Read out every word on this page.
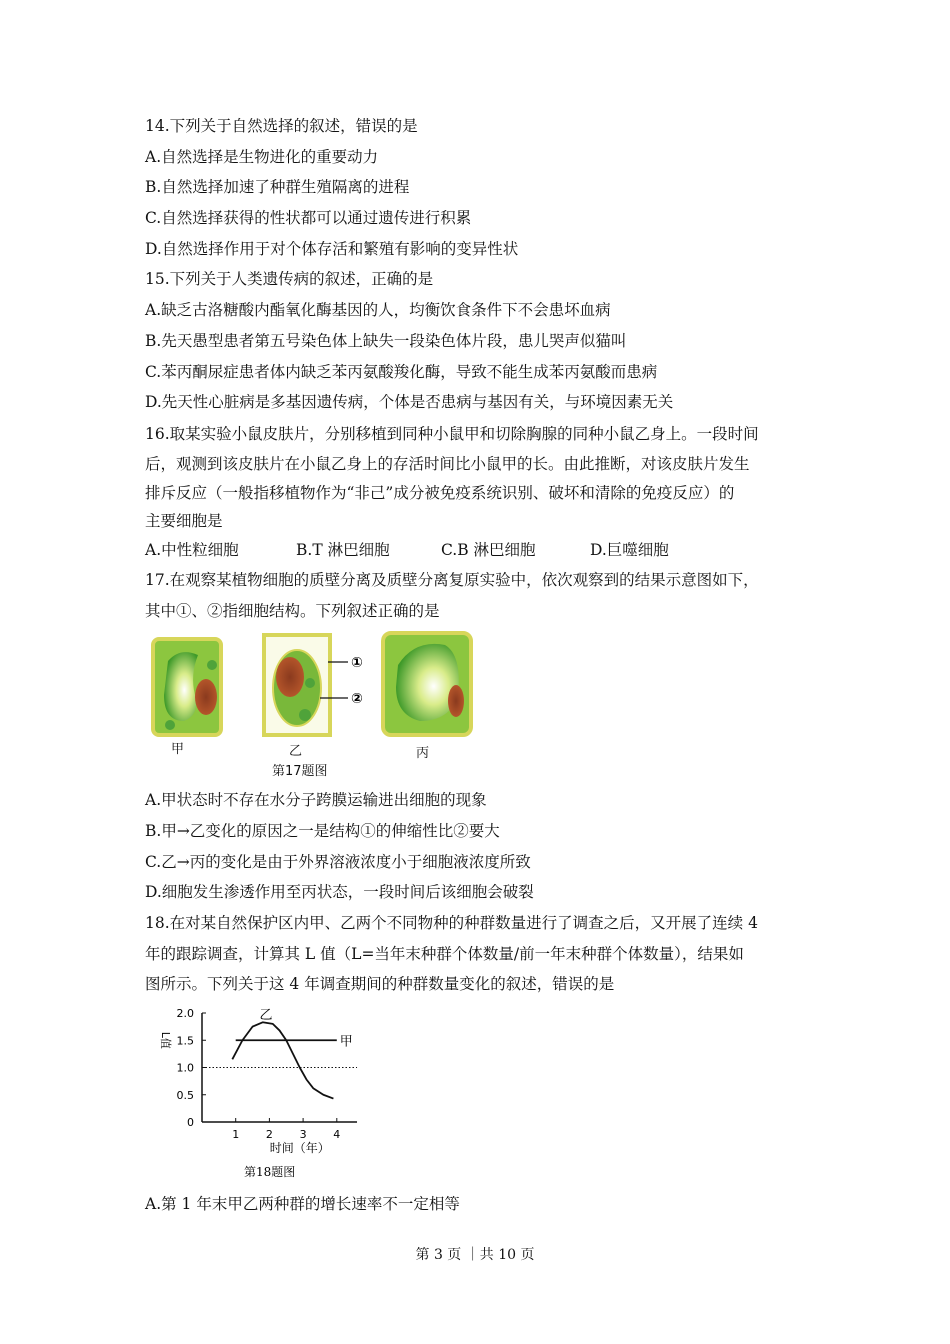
14.下列关于自然选择的叙述，错误的是
A.自然选择是生物进化的重要动力
B.自然选择加速了种群生殖隔离的进程
C.自然选择获得的性状都可以通过遗传进行积累
D.自然选择作用于对个体存活和繁殖有影响的变异性状
15.下列关于人类遗传病的叙述，正确的是
A.缺乏古洛糖酸内酯氧化酶基因的人，均衡饮食条件下不会患坏血病
B.先天愚型患者第五号染色体上缺失一段染色体片段，患儿哭声似猫叫
C.苯丙酮尿症患者体内缺乏苯丙氨酸羧化酶，导致不能生成苯丙氨酸而患病
D.先天性心脏病是多基因遗传病，个体是否患病与基因有关，与环境因素无关
16.取某实验小鼠皮肤片，分别移植到同种小鼠甲和切除胸腺的同种小鼠乙身上。一段时间
后，观测到该皮肤片在小鼠乙身上的存活时间比小鼠甲的长。由此推断，对该皮肤片发生
排斥反应（一般指移植物作为“非己”成分被免疫系统识别、破坏和清除的免疫反应）的
主要细胞是
A.中性粒细胞	B.T 淋巴细胞	C.B 淋巴细胞	D.巨噬细胞
17.在观察某植物细胞的质壁分离及质壁分离复原实验中，依次观察到的结果示意图如下，
其中①、②指细胞结构。下列叙述正确的是
①
②
甲	乙	丙
第17题图
A.甲状态时不存在水分子跨膜运输进出细胞的现象
B.甲→乙变化的原因之一是结构①的伸缩性比②要大
C.乙→丙的变化是由于外界溶液浓度小于细胞液浓度所致
D.细胞发生渗透作用至丙状态，一段时间后该细胞会破裂
18.在对某自然保护区内甲、乙两个不同物种的种群数量进行了调查之后，又开展了连续 4
年的跟踪调查，计算其 L 值（L=当年末种群个体数量/前一年末种群个体数量），结果如
图所示。下列关于这 4 年调查期间的种群数量变化的叙述，错误的是
0
0.5
1.0
1.5
2.0
1 2 3 4
时间（年）
L值	甲
乙
第18题图
A.第 1 年末甲乙两种群的增长速率不一定相等
第 3 页 ｜共 10 页
